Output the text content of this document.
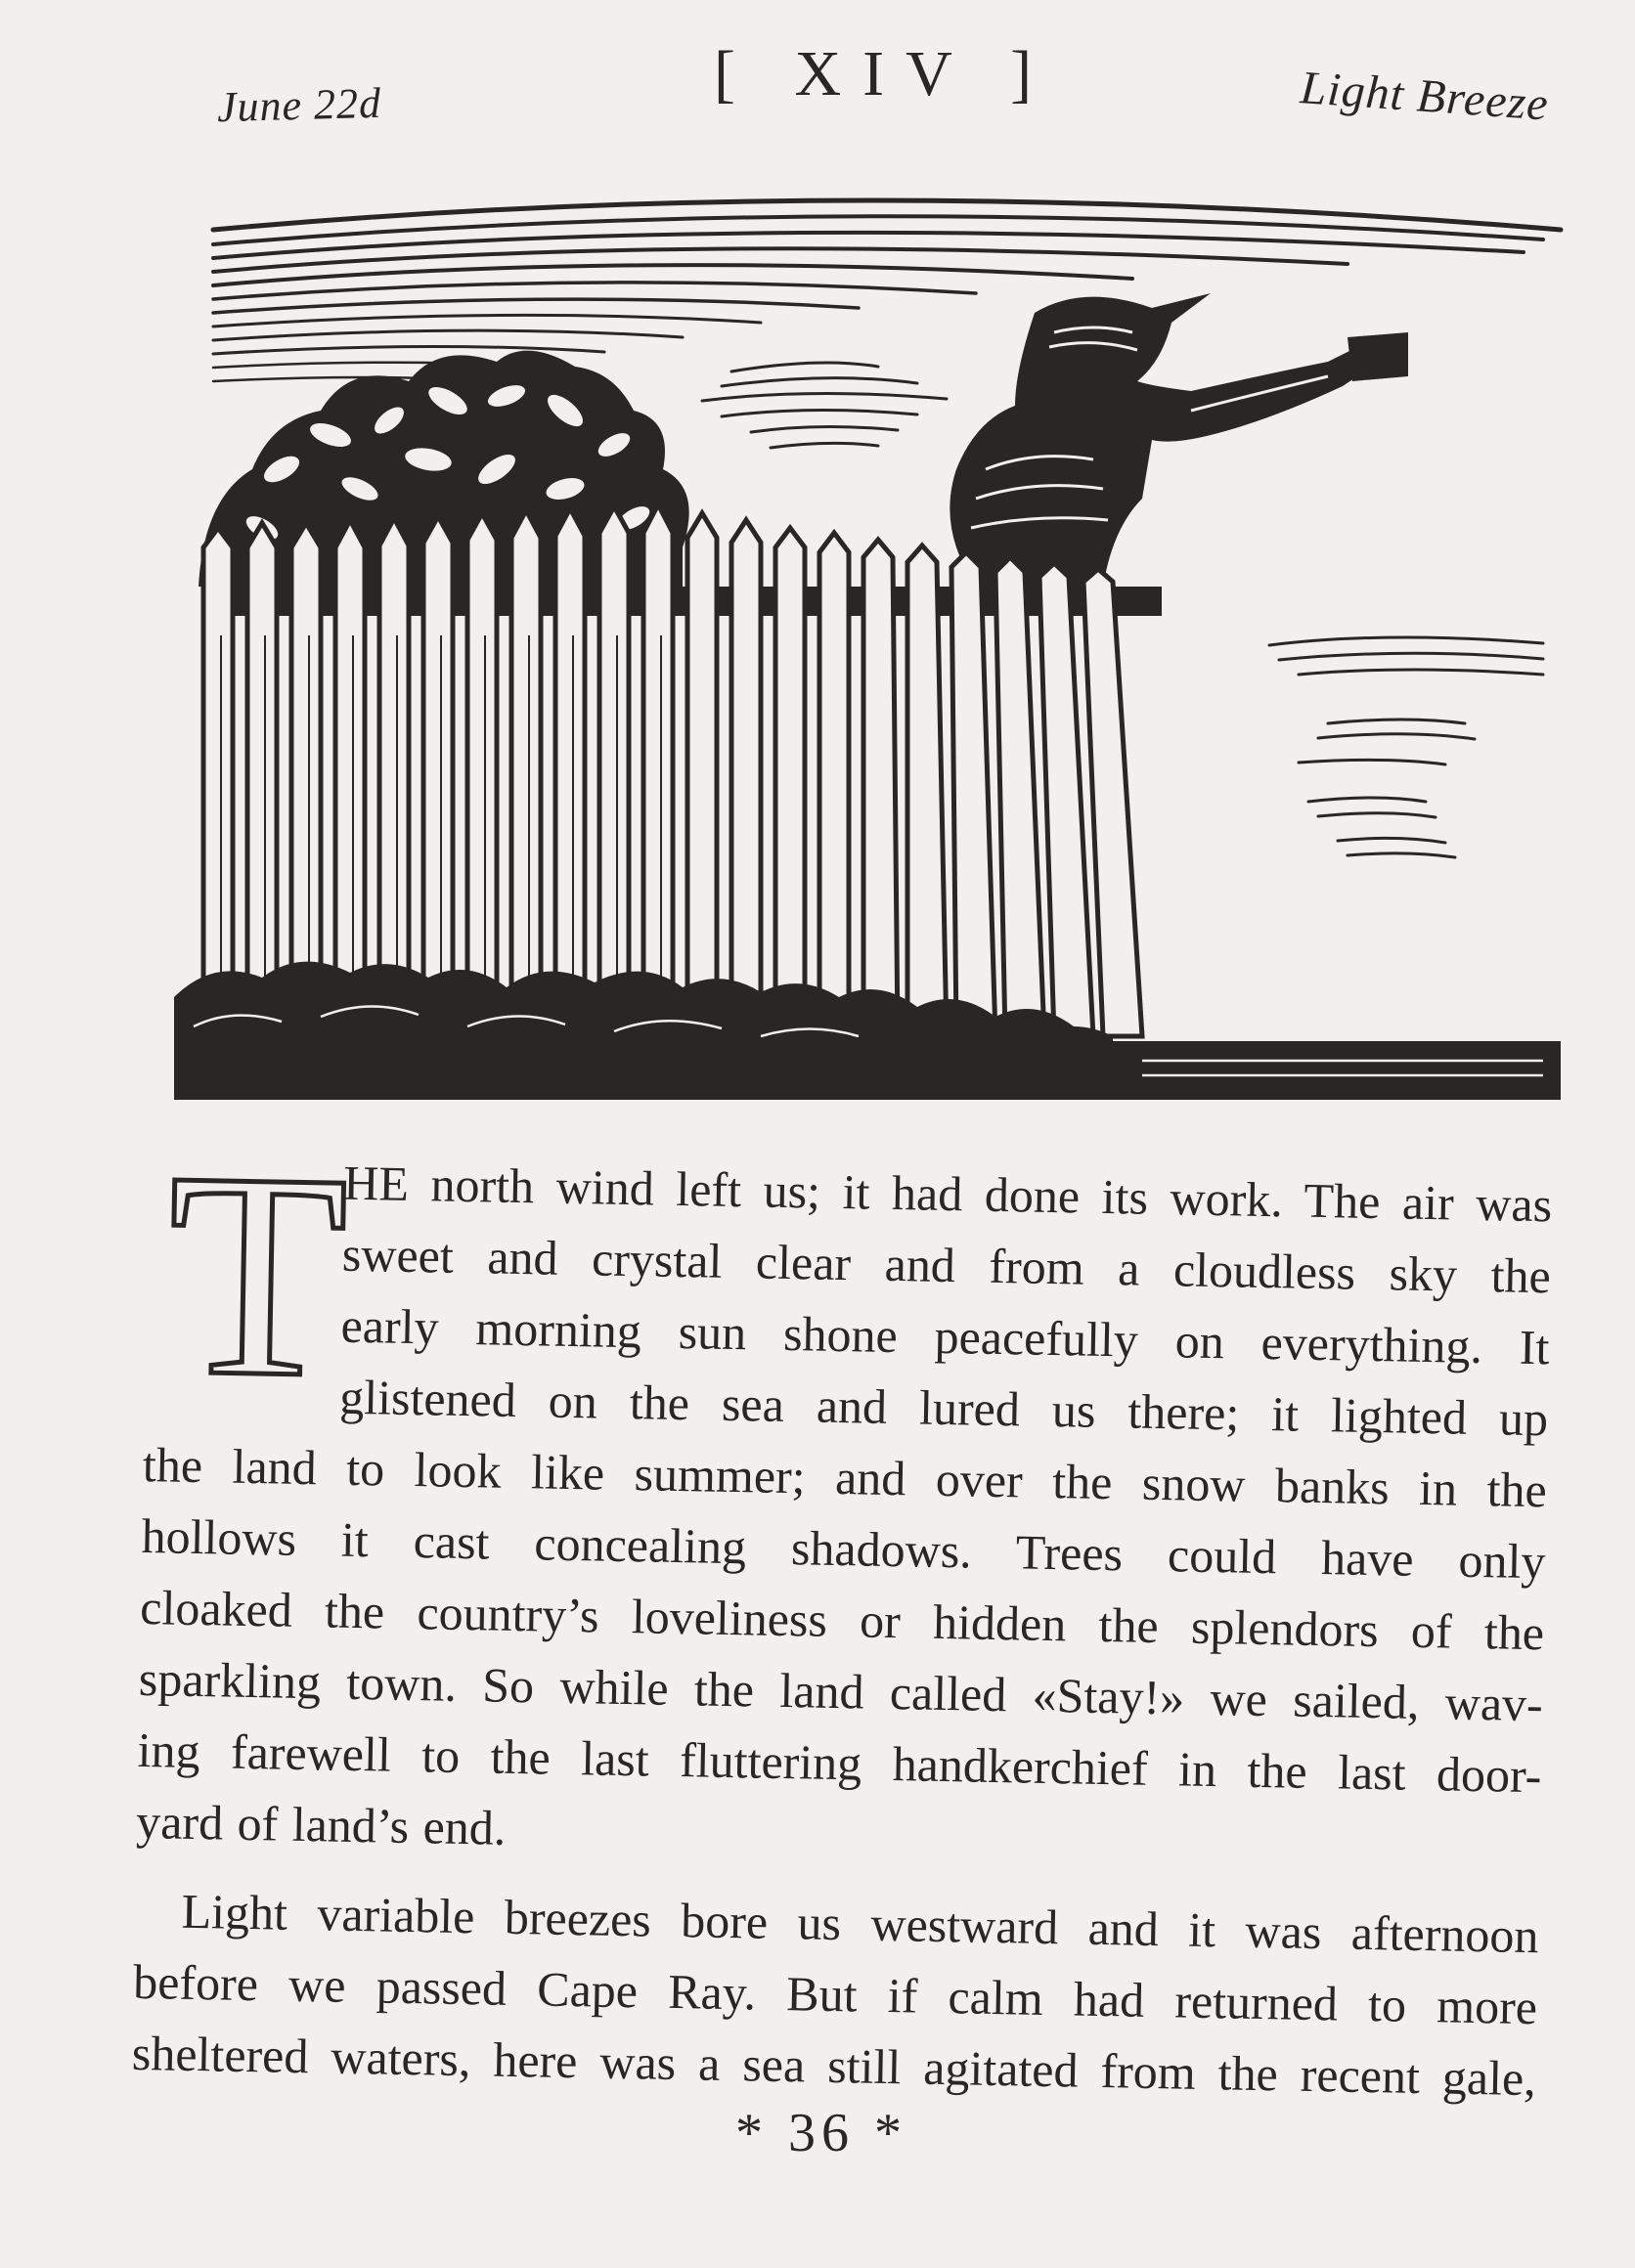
June 22d	[ XIV ]	Light Breeze
T
HE north wind left us; it had done its work. The air was
sweet and crystal clear and from a cloudless sky the
early morning sun shone peacefully on everything. It
glistened on the sea and lured us there; it lighted up
the land to look like summer; and over the snow banks in the
hollows it cast concealing shadows. Trees could have only
cloaked the country’s loveliness or hidden the splendors of the
sparkling town. So while the land called «Stay!» we sailed, wav-
ing farewell to the last fluttering handkerchief in the last door-
yard of land’s end.
Light variable breezes bore us westward and it was afternoon
before we passed Cape Ray. But if calm had returned to more
sheltered waters, here was a sea still agitated from the recent gale,
* 36 *
